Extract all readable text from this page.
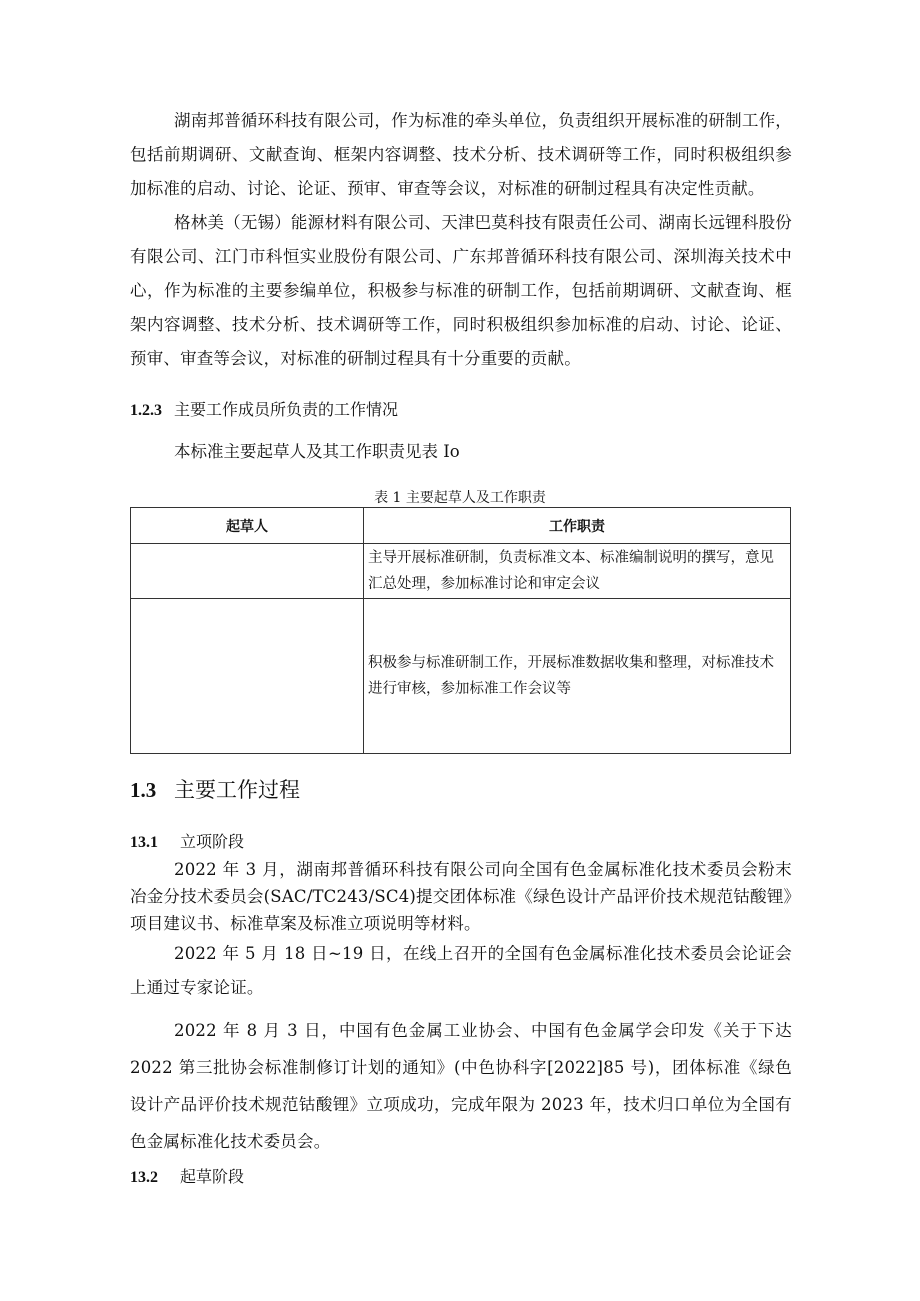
湖南邦普循环科技有限公司，作为标准的牵头单位，负责组织开展标准的研制工作，包括前期调研、文献查询、框架内容调整、技术分析、技术调研等工作，同时积极组织参加标准的启动、讨论、论证、预审、审查等会议，对标准的研制过程具有决定性贡献。
格林美（无锡）能源材料有限公司、天津巴莫科技有限责任公司、湖南长远锂科股份有限公司、江门市科恒实业股份有限公司、广东邦普循环科技有限公司、深圳海关技术中心，作为标准的主要参编单位，积极参与标准的研制工作，包括前期调研、文献查询、框架内容调整、技术分析、技术调研等工作，同时积极组织参加标准的启动、讨论、论证、预审、审查等会议，对标准的研制过程具有十分重要的贡献。
1.2.3 主要工作成员所负责的工作情况
本标准主要起草人及其工作职责见表 Io
表 1 主要起草人及工作职责
起草人	工作职责
	主导开展标准研制，负责标准文本、标准编制说明的撰写，意见汇总处理，参加标准讨论和审定会议
	积极参与标准研制工作，开展标准数据收集和整理，对标准技术进行审核，参加标准工作会议等
1.3 主要工作过程
13.1 立项阶段
2022 年 3 月，湖南邦普循环科技有限公司向全国有色金属标准化技术委员会粉末冶金分技术委员会(SAC/TC243/SC4)提交团体标准《绿色设计产品评价技术规范钴酸锂》项目建议书、标准草案及标准立项说明等材料。
2022 年 5 月 18 日~19 日，在线上召开的全国有色金属标准化技术委员会论证会上通过专家论证。
2022 年 8 月 3 日，中国有色金属工业协会、中国有色金属学会印发《关于下达 2022 第三批协会标准制修订计划的通知》(中色协科字[2022]85 号)，团体标准《绿色设计产品评价技术规范钴酸锂》立项成功，完成年限为 2023 年，技术归口单位为全国有色金属标准化技术委员会。
13.2 起草阶段
